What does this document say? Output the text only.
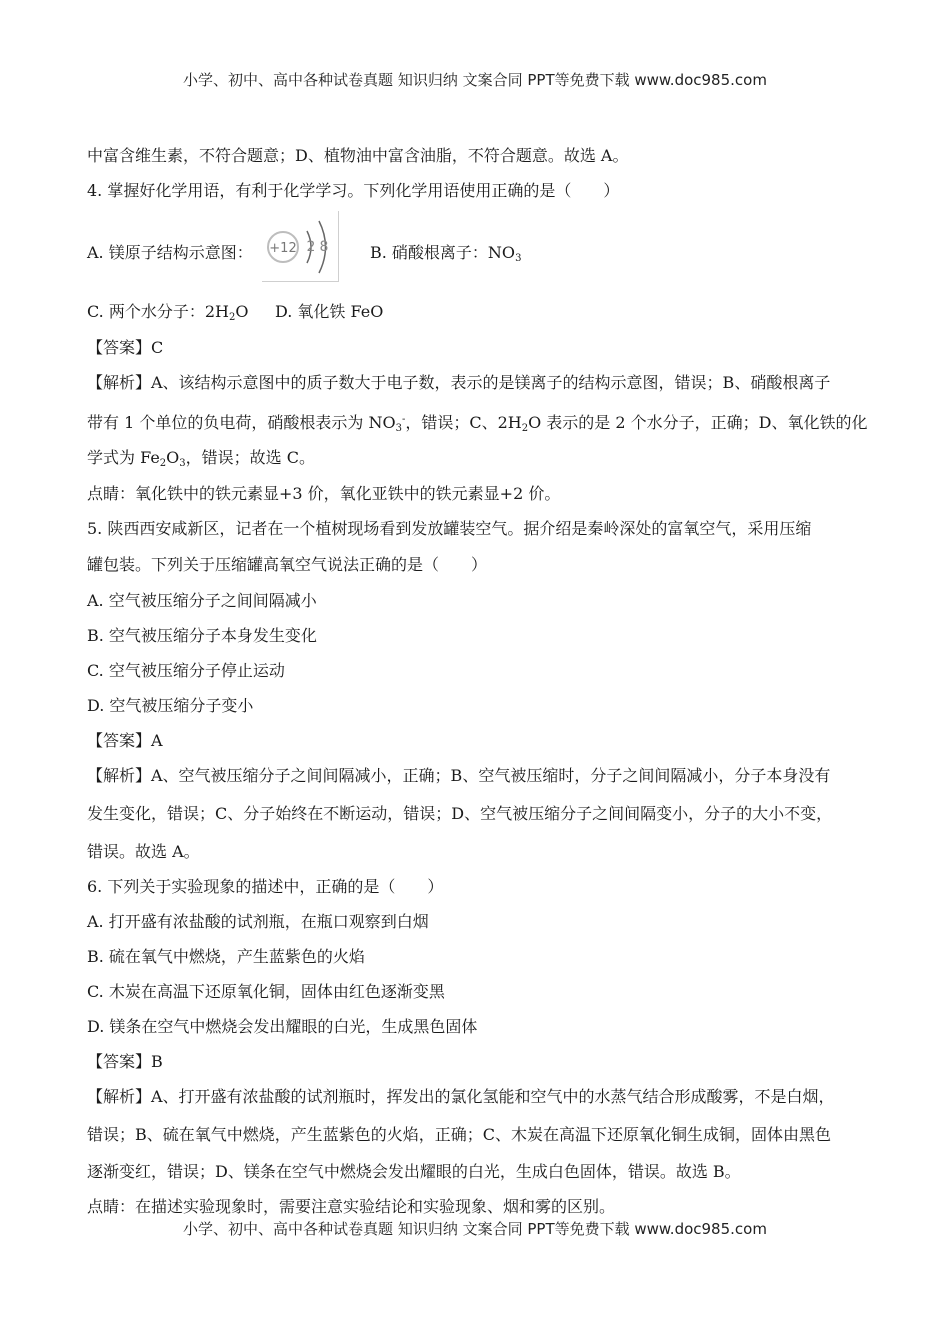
小学、初中、高中各种试卷真题 知识归纳 文案合同 PPT等免费下载 www.doc985.com
中富含维生素，不符合题意；D、植物油中富含油脂，不符合题意。故选 A。
4. 掌握好化学用语，有利于化学学习。下列化学用语使用正确的是（　　）
A. 镁原子结构示意图： +12 2 8	B. 硝酸根离子：$NO_3$
C. 两个水分子：$2H_2O$ D. 氧化铁 FeO
【答案】C
【解析】A、该结构示意图中的质子数大于电子数，表示的是镁离子的结构示意图，错误；B、硝酸根离子
带有 1 个单位的负电荷，硝酸根表示为 $NO_3^-$，错误；C、$2H_2O$ 表示的是 2 个水分子，正确；D、氧化铁的化
学式为 $Fe_2O_3$，错误；故选 C。
点睛：氧化铁中的铁元素显+3 价，氧化亚铁中的铁元素显+2 价。
5. 陕西西安咸新区，记者在一个植树现场看到发放罐装空气。据介绍是秦岭深处的富氧空气，采用压缩
罐包装。下列关于压缩罐高氧空气说法正确的是（　　）
A. 空气被压缩分子之间间隔减小
B. 空气被压缩分子本身发生变化
C. 空气被压缩分子停止运动
D. 空气被压缩分子变小
【答案】A
【解析】A、空气被压缩分子之间间隔减小，正确；B、空气被压缩时，分子之间间隔减小，分子本身没有
发生变化，错误；C、分子始终在不断运动，错误；D、空气被压缩分子之间间隔变小，分子的大小不变，
错误。故选 A。
6. 下列关于实验现象的描述中，正确的是（　　）
A. 打开盛有浓盐酸的试剂瓶，在瓶口观察到白烟
B. 硫在氧气中燃烧，产生蓝紫色的火焰
C. 木炭在高温下还原氧化铜，固体由红色逐渐变黑
D. 镁条在空气中燃烧会发出耀眼的白光，生成黑色固体
【答案】B
【解析】A、打开盛有浓盐酸的试剂瓶时，挥发出的氯化氢能和空气中的水蒸气结合形成酸雾，不是白烟，
错误；B、硫在氧气中燃烧，产生蓝紫色的火焰，正确；C、木炭在高温下还原氧化铜生成铜，固体由黑色
逐渐变红，错误；D、镁条在空气中燃烧会发出耀眼的白光，生成白色固体，错误。故选 B。
点睛：在描述实验现象时，需要注意实验结论和实验现象、烟和雾的区别。
小学、初中、高中各种试卷真题 知识归纳 文案合同 PPT等免费下载 www.doc985.com
